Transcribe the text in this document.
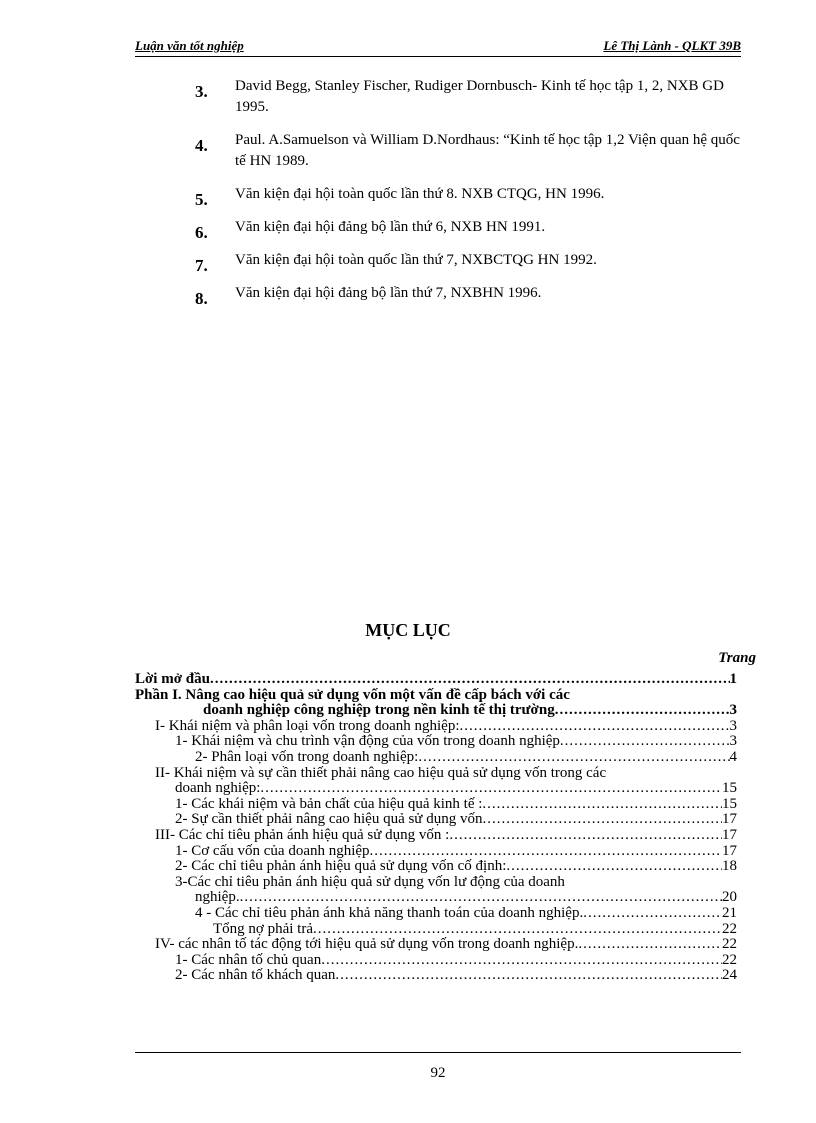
Luận văn tốt nghiệp	Lê Thị Lành - QLKT 39B
3. David Begg, Stanley Fischer, Rudiger Dornbusch- Kinh tế học tập 1, 2, NXB GD 1995.
4. Paul. A.Samuelson và William D.Nordhaus: “Kinh tế học tập 1,2 Viện quan hệ quốc tế HN 1989.
5. Văn kiện đại hội toàn quốc lần thứ 8. NXB CTQG, HN 1996.
6. Văn kiện đại hội đảng bộ lần thứ 6, NXB HN 1991.
7. Văn kiện đại hội toàn quốc lần thứ 7, NXBCTQG HN 1992.
8. Văn kiện đại hội đảng bộ lần thứ 7, NXBHN 1996.
MỤC LỤC
Trang
Lời mở đầu .....	1
Phần I. Nâng cao hiệu quả sử dụng vốn một vấn đề cấp bách với các
doanh nghiệp công nghiệp trong nền kinh tế thị trường .....	3
I- Khái niệm và phân loại vốn trong doanh nghiệp: .....	3
1- Khái niệm và chu trình vận động của vốn trong doanh nghiệp .....	3
2- Phân loại vốn trong doanh nghiệp: .....	4
II- Khái niệm và sự cần thiết phải nâng cao hiệu quả sử dụng vốn trong các
doanh nghiệp: .....	15
1- Các khái niệm và bản chất của hiệu quả kinh tế : .....	15
2- Sự cần thiết phải nâng cao hiệu quả sử dụng vốn .....	17
III- Các chỉ tiêu phản ánh hiệu quả sử dụng vốn : .....	17
1- Cơ cấu vốn của doanh nghiệp .....	17
2- Các chỉ tiêu phản ánh hiệu quả sử dụng vốn cố định: .....	18
3-Các chỉ tiêu phản ánh hiệu quả sử dụng vốn lư động của doanh
nghiệp. .....	20
4 - Các chỉ tiêu phản ánh khả năng thanh toán của doanh nghiệp. .....	21
Tổng nợ phải trả .....	22
IV- các nhân tố tác động tới hiệu quả sử dụng vốn trong doanh nghiệp. .....	22
1- Các nhân tố chủ quan .....	22
2- Các nhân tố khách quan .....	24
92
